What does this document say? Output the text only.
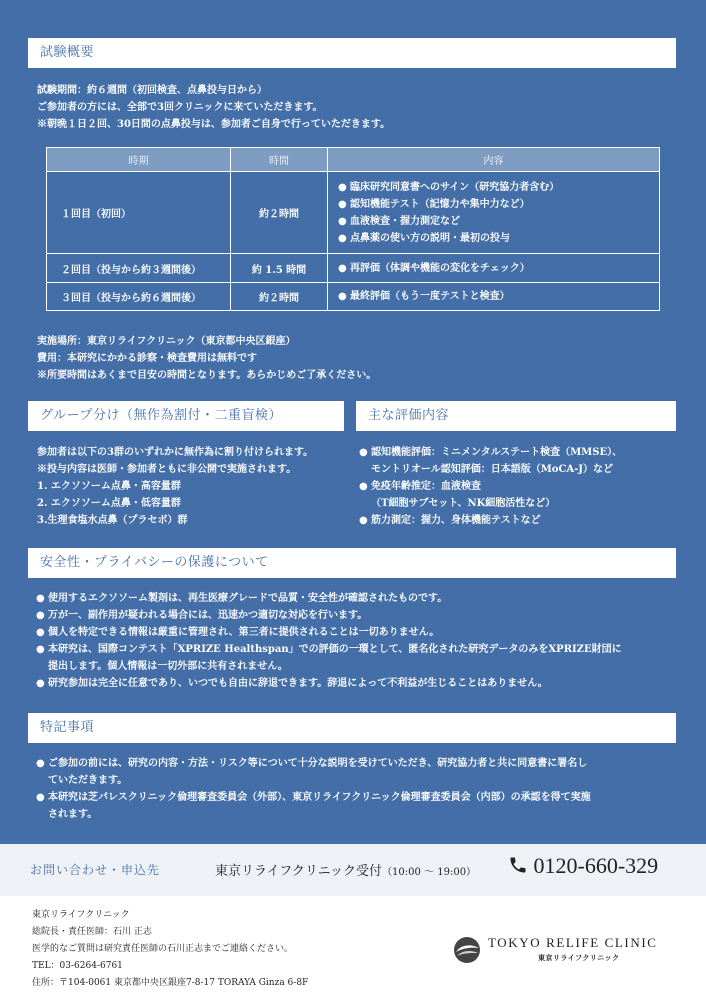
試験概要
試験期間：約６週間（初回検査、点鼻投与日から）
ご参加者の方には、全部で3回クリニックに来ていただきます。
※朝晩１日２回、30日間の点鼻投与は、参加者ご自身で行っていただきます。
時期	時間	内容
１回目（初回）	約２時間	● 臨床研究同意書へのサイン（研究協力者含む）
● 認知機能テスト（記憶力や集中力など）
● 血液検査・握力測定など
● 点鼻薬の使い方の説明・最初の投与

２回目（投与から約３週間後）	約 1.5 時間	● 再評価（体調や機能の変化をチェック）

３回目（投与から約６週間後）	約２時間	● 最終評価（もう一度テストと検査）
実施場所：東京リライフクリニック（東京都中央区銀座）
費用：本研究にかかる診察・検査費用は無料です
※所要時間はあくまで目安の時間となります。あらかじめご了承ください。
グループ分け（無作為割付・二重盲検）
参加者は以下の3群のいずれかに無作為に割り付けられます。
※投与内容は医師・参加者ともに非公開で実施されます。
1. エクソソーム点鼻・高容量群
2. エクソソーム点鼻・低容量群
3.生理食塩水点鼻（プラセボ）群
主な評価内容
● 認知機能評価：ミニメンタルステート検査（MMSE）、
モントリオール認知評価：日本語版（MoCA-J）など
● 免疫年齢推定：血液検査
（T細胞サブセット、NK細胞活性など）
● 筋力測定：握力、身体機能テストなど
安全性・プライバシーの保護について
● 使用するエクソソーム製剤は、再生医療グレードで品質・安全性が確認されたものです。
● 万が一、副作用が疑われる場合には、迅速かつ適切な対応を行います。
● 個人を特定できる情報は厳重に管理され、第三者に提供されることは一切ありません。
● 本研究は、国際コンテスト「XPRIZE Healthspan」での評価の一環として、匿名化された研究データのみをXPRIZE財団に
提出します。個人情報は一切外部に共有されません。
● 研究参加は完全に任意であり、いつでも自由に辞退できます。辞退によって不利益が生じることはありません。
特記事項
● ご参加の前には、研究の内容・方法・リスク等について十分な説明を受けていただき、研究協力者と共に同意書に署名し
ていただきます。
● 本研究は芝パレスクリニック倫理審査委員会（外部）、東京リライフクリニック倫理審査委員会（内部）の承認を得て実施
されます。
お問い合わせ・申込先	東京リライフクリニック受付（10:00 ～ 19:00）	0120-660-329
東京リライフクリニック
総院長・責任医師：石川 正志
医学的なご質問は研究責任医師の石川正志までご連絡ください。
TEL：03-6264-6761
住所：〒104-0061 東京都中央区銀座7-8-17 TORAYA Ginza 6-8F
TOKYO RELIFE CLINIC
東京リライフクリニック
